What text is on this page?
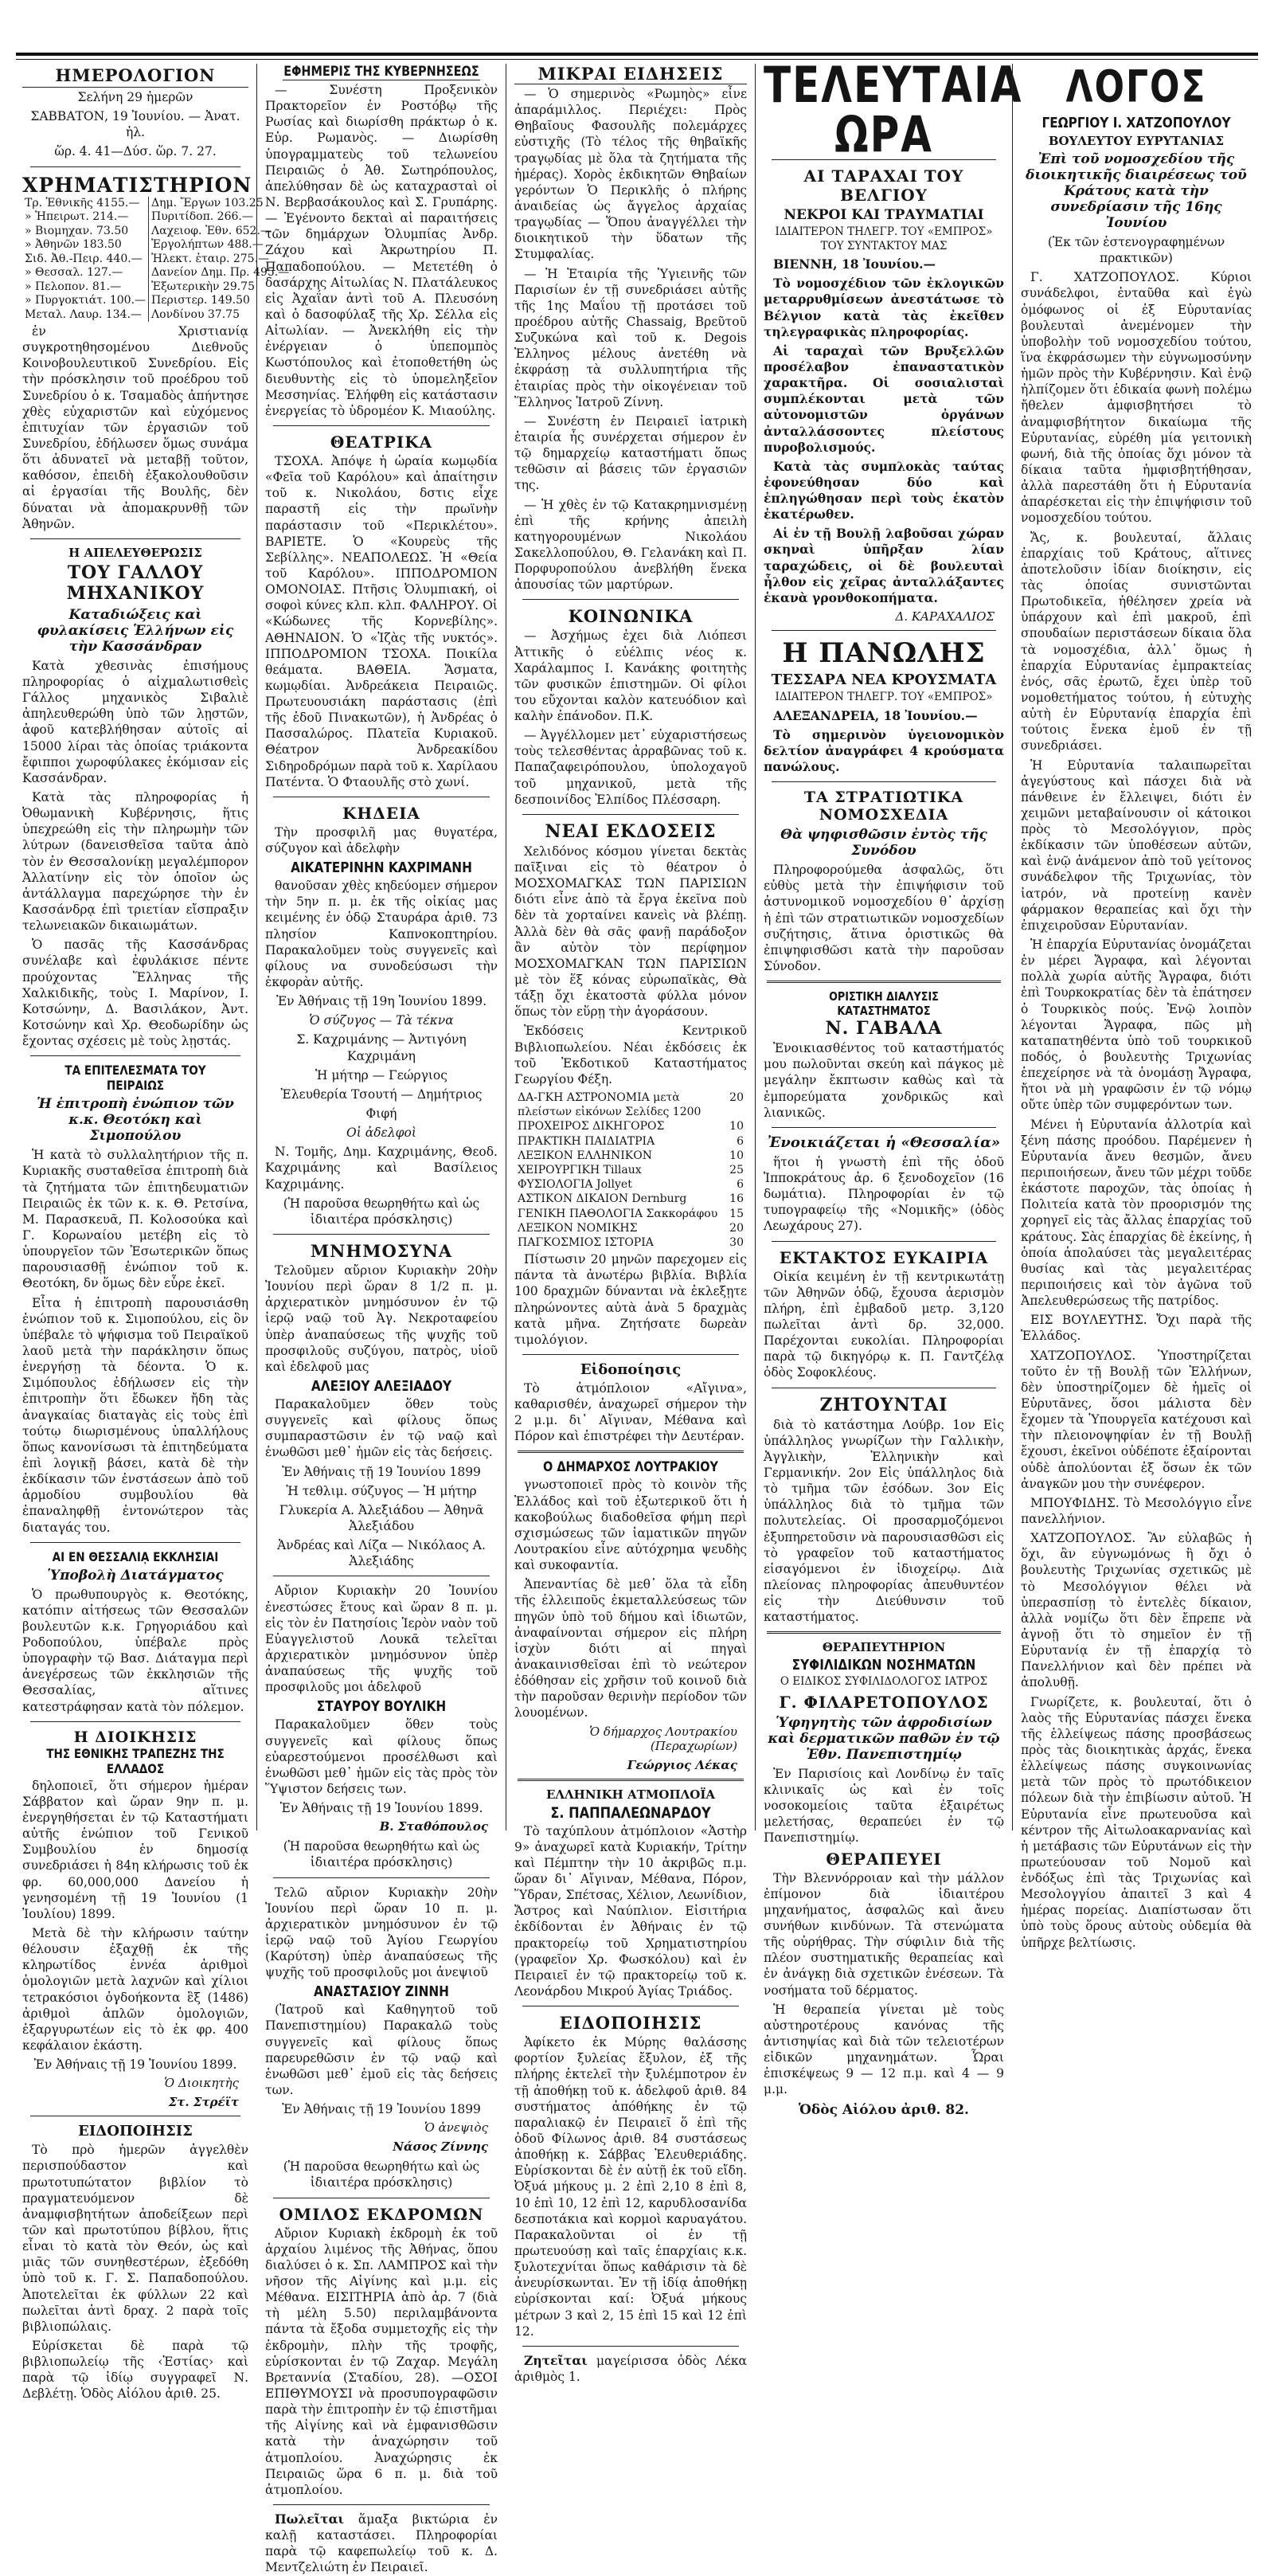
ΗΜΕΡΟΛΟΓΙΟΝ

Σελήνη 29 ἡμερῶν

ΣΑΒΒΑΤΟΝ, 19 Ἰουνίου. — Ἀνατ. ἡλ.

ὥρ. 4. 41—Δύσ. ὥρ. 7. 27.

ΧΡΗΜΑΤΙΣΤΗΡΙΟΝ
Τρ. Ἐθνικῆς 4155.—	Δημ. Ἔργων 103.25
» Ἠπειρωτ. 214.—	Πυριτίδοπ. 266.—
» Βιομηχαν. 73.50	Λαχειοφ. Ἐθν. 652.—
» Ἀθηνῶν 183.50	Ἐργολήπτων 488.—
Σιδ. Ἀθ.-Πειρ. 440.—	Ἠλεκτ. ἐταιρ. 275.—
» Θεσσαλ. 127.—	Δανείον Δημ. Πρ. 495.—
» Πελοπον. 81.—	Ἐξωτερικὴν 29.75
» Πυργοκτιάτ. 100.—	Περιστερ. 149.50
Μεταλ. Λαυρ. 134.—	Λονδίνου 37.75

ἐν Χριστιανίᾳ συγκροτηθησομένου Διεθνοῦς Κοινοβουλευτικοῦ Συνεδρίου. Εἰς τὴν πρόσκλησιν τοῦ προέδρου τοῦ Συνεδρίου ὁ κ. Τσαμαδὸς ἀπήντησε χθὲς εὐχαριστῶν καὶ εὐχόμενος ἐπιτυχίαν τῶν ἐργασιῶν τοῦ Συνεδρίου, ἐδήλωσεν ὅμως συνάμα ὅτι ἀδυνατεῖ νὰ μεταβῇ τοῦτον, καθόσον, ἐπειδὴ ἐξακολουθοῦσιν αἱ ἐργασίαι τῆς Βουλῆς, δὲν δύναται νὰ ἀπομακρυνθῇ τῶν Ἀθηνῶν.

Η ΑΠΕΛΕΥΘΕΡΩΣΙΣ
ΤΟΥ ΓΑΛΛΟΥ ΜΗΧΑΝΙΚΟΥ
Καταδιώξεις καὶ φυλακίσεις Ἑλλήνων εἰς τὴν Κασσάνδραν

Κατὰ χθεσινὰς ἐπισήμους πληροφορίας ὁ αἰχμαλωτισθεὶς Γάλλος μηχανικὸς Σιβαλιὲ ἀπηλευθερώθη ὑπὸ τῶν λῃστῶν, ἀφοῦ κατεβλήθησαν αὐτοῖς αἱ 15000 λίραι τὰς ὁποίας τριάκοντα ἔφιπποι χωροφύλακες ἐκόμισαν εἰς Κασσάνδραν.

Κατὰ τὰς πληροφορίας ἡ Ὀθωμανικὴ Κυβέρνησις, ἥτις ὑπεχρεώθη εἰς τὴν πληρωμὴν τῶν λύτρων (δανεισθεῖσα ταῦτα ἀπὸ τὸν ἐν Θεσσαλονίκῃ μεγαλέμπορον Ἀλλατίνην εἰς τὸν ὁποῖον ὡς ἀντάλλαγμα παρεχώρησε τὴν ἐν Κασσάνδρᾳ ἐπὶ τριετίαν εἴσπραξιν τελωνειακῶν δικαιωμάτων.

Ὁ πασᾶς τῆς Κασσάνδρας συνέλαβε καὶ ἐφυλάκισε πέντε προύχοντας Ἕλληνας τῆς Χαλκιδικῆς, τοὺς Ι. Μαρίνον, Ι. Κοτσώνην, Δ. Βασιλάκον, Ἀντ. Κοτσώνην καὶ Χρ. Θεοδωρίδην ὡς ἔχοντας σχέσεις μὲ τοὺς λῃστάς.

ΤΑ ΕΠΙΤΕΛΕΣΜΑΤΑ ΤΟΥ ΠΕΙΡΑΙΩΣ
Ἡ ἐπιτροπὴ ἐνώπιον τῶν κ.κ. Θεοτόκη καὶ Σιμοπούλου

Ἡ κατὰ τὸ συλλαλητήριον τῆς π. Κυριακῆς συσταθεῖσα ἐπιτροπὴ διὰ τὰ ζητήματα τῶν ἐπιτηδευματιῶν Πειραιῶς ἐκ τῶν κ. κ. Θ. Ρετσίνα, Μ. Παρασκευᾶ, Π. Κολοσούκα καὶ Γ. Κορωναίου μετέβη εἰς τὸ ὑπουργεῖον τῶν Ἐσωτερικῶν ὅπως παρουσιασθῇ ἐνώπιον τοῦ κ. Θεοτόκη, δν ὅμως δὲν εὗρε ἐκεῖ.

Εἶτα ἡ ἐπιτροπὴ παρουσιάσθη ἐνώπιον τοῦ κ. Σιμοπούλου, εἰς ὃν ὑπέβαλε τὸ ψήφισμα τοῦ Πειραϊκοῦ λαοῦ μετὰ τὴν παράκλησιν ὅπως ἐνεργήσῃ τὰ δέοντα. Ὁ κ. Σιμόπουλος ἐδήλωσεν εἰς τὴν ἐπιτροπὴν ὅτι ἔδωκεν ἤδη τὰς ἀναγκαίας διαταγὰς εἰς τοὺς ἐπὶ τούτῳ διωρισμένους ὑπαλλήλους ὅπως κανονίσωσι τὰ ἐπιτηδεύματα ἐπὶ λογικῇ βάσει, κατὰ δὲ τὴν ἐκδίκασιν τῶν ἐνστάσεων ἀπὸ τοῦ ἁρμοδίου συμβουλίου θὰ ἐπαναληφθῇ ἐντονώτερον τὰς διαταγάς του.

ΑΙ ΕΝ ΘΕΣΣΑΛΙᾼ ΕΚΚΛΗΣΙΑΙ
Ὑποβολὴ Διατάγματος

Ὁ πρωθυπουργὸς κ. Θεοτόκης, κατόπιν αἰτήσεως τῶν Θεσσαλῶν βουλευτῶν κ.κ. Γρηγοριάδου καὶ Ροδοπούλου, ὑπέβαλε πρὸς ὑπογραφὴν τῷ Βασ. Διάταγμα περὶ ἀνεγέρσεως τῶν ἐκκλησιῶν τῆς Θεσσαλίας, αἵτινες κατεστράφησαν κατὰ τὸν πόλεμον.

Η ΔΙΟΙΚΗΣΙΣ
ΤΗΣ ΕΘΝΙΚΗΣ ΤΡΑΠΕΖΗΣ ΤΗΣ ΕΛΛΑΔΟΣ

δηλοποιεῖ, ὅτι σήμερον ἡμέραν Σάββατον καὶ ὥραν 9ην π. μ. ἐνεργηθήσεται ἐν τῷ Καταστήματι αὐτῆς ἐνώπιον τοῦ Γενικοῦ Συμβουλίου ἐν δημοσίᾳ συνεδριάσει ἡ 84η κλήρωσις τοῦ ἐκ φρ. 60,000,000 Δανείου ἡ γενησομένη τῇ 19 Ἰουνίου (1 Ἰουλίου) 1899.

Μετὰ δὲ τὴν κλήρωσιν ταύτην θέλουσιν ἐξαχθῇ ἐκ τῆς κληρωτίδος ἐννέα ἀριθμοὶ ὁμολογιῶν μετὰ λαχνῶν καὶ χίλιοι τετρακόσιοι ὀγδοήκοντα ἓξ (1486) ἀριθμοὶ ἁπλῶν ὁμολογιῶν, ἐξαργυρωτέων εἰς τὸ ἐκ φρ. 400 κεφάλαιον ἑκάστη.

Ἐν Ἀθήναις τῇ 19 Ἰουνίου 1899.

Ὁ Διοικητὴς
Στ. Στρέϊτ
ΕΙΔΟΠΟΙΗΣΙΣ

Τὸ πρὸ ἡμερῶν ἀγγελθὲν περισπούδαστον καὶ πρωτοτυπώτατον βιβλίον τὸ πραγματευόμενον δὲ ἀναμφισβητήτων ἀποδείξεων περὶ τῶν καὶ πρωτοτύπου βίβλου, ἥτις εἶναι τὸ κατὰ τὸν Θεόν, ὡς καὶ μιᾶς τῶν συνηθεστέρων, ἐξεδόθη ὑπὸ τοῦ κ. Γ. Σ. Παπαδοπούλου. Ἀποτελεῖται ἐκ φύλλων 22 καὶ πωλεῖται ἀντὶ δραχ. 2 παρὰ τοῖς βιβλιοπώλαις.

Εὑρίσκεται δὲ παρὰ τῷ βιβλιοπωλείῳ τῆς ‹Ἑστίας› καὶ παρὰ τῷ ἰδίῳ συγγραφεῖ Ν. Δεβλέτῃ. Ὁδὸς Αἰόλου ἀριθ. 25.

ΕΦΗΜΕΡΙΣ ΤΗΣ ΚΥΒΕΡΝΗΣΕΩΣ

— Συνέστη Προξενικὸν Πρακτορεῖον ἐν Ροστόβῳ τῆς Ρωσίας καὶ διωρίσθη πράκτωρ ὁ κ. Εὐρ. Ρωμανὸς. — Διωρίσθη ὑπογραμματεὺς τοῦ τελωνείου Πειραιῶς ὁ Ἀθ. Σωτηρόπουλος, ἀπελύθησαν δὲ ὡς καταχρασταὶ οἱ Ν. Βερβασάκουλος καὶ Σ. Γρυπάρης. — Ἐγένοντο δεκταὶ αἱ παραιτήσεις τῶν δημάρχων Ὀλυμπίας Ἀνδρ. Ζάχου καὶ Ἀκρωτηρίου Π. Παπαδοπούλου. — Μετετέθη ὁ δασάρχης Αἰτωλίας Ν. Πλατάλευκος εἰς Ἀχαΐαν ἀντὶ τοῦ Α. Πλευσόνη καὶ ὁ δασοφύλαξ τῆς Χρ. Σέλλα εἰς Αἰτωλίαν. — Ἀνεκλήθη εἰς τὴν ἐνέργειαν ὁ ὑπεπομπὸς Κωστόπουλος καὶ ἐτοποθετήθη ὡς διευθυντὴς εἰς τὸ ὑπομεληξεῖον Μεσσηνίας. Ἐλήφθη εἰς κατάστασιν ἐνεργείας τὸ ὑδρομέον Κ. Μιαούλης.

ΘΕΑΤΡΙΚΑ

ΤΣΟΧΑ. Ἀπόψε ἡ ὡραία κωμῳδία «Φεῖα τοῦ Καρόλου» καὶ ἀπαίτησιν τοῦ κ. Νικολάου, δστις εἶχε παραστῆ εἰς τὴν πρωϊνὴν παράστασιν τοῦ «Περικλέτου». ΒΑΡΙΕΤΕ. Ὁ «Κουρεὺς τῆς Σεβίλλης». ΝΕΑΠΟΛΕΩΣ. Ἡ «Θεία τοῦ Καρόλου». ΙΠΠΟΔΡΟΜΙΟΝ ΟΜΟΝΟΙΑΣ. Πτῆσις Ὀλυμπιακή, οἱ σοφοὶ κύνες κλπ. κλπ. ΦΑΛΗΡΟΥ. Οἱ «Κώδωνες τῆς Κορνεβίλης». ΑΘΗΝΑΙΟΝ. Ὁ «Ἰζὰς τῆς νυκτός». ΙΠΠΟΔΡΟΜΙΟΝ ΤΣΟΧΑ. Ποικίλα θεάματα. ΒΑΘΕΙΑ. Ἄσματα, κωμῳδίαι. Ἀνδρεάκεια Πειραιῶς. Πρωτευουσιάκη παράστασις (ἐπὶ τῆς ἐδοῦ Πινακωτῶν), ἡ Ἀνδρέας ὁ Πασσαλώρος. Πλατεῖα Κυριακοῦ. Θέατρον Ἀνδρεακίδου Σιδηροδρόμων παρὰ τοῦ κ. Χαρίλαου Πατέντα. Ὁ Φταουλῆς στὸ χωνί.

ΚΗΔΕΙΑ

Τὴν προσφιλῆ μας θυγατέρα, σύζυγον καὶ ἀδελφὴν

ΑΙΚΑΤΕΡΙΝΗΝ ΚΑΧΡΙΜΑΝΗ

θανοῦσαν χθὲς κηδεύομεν σήμερον τὴν 5ην π. μ. ἐκ τῆς οἰκίας μας κειμένης ἐν ὁδῷ Σταυράρα ἀριθ. 73 πλησίον Καπνοκοπτηρίου. Παρακαλοῦμεν τοὺς συγγενεῖς καὶ φίλους να συνοδεύσωσι τὴν ἐκφορὰν αὐτῆς.

Ἐν Ἀθήναις τῇ 19η Ἰουνίου 1899.

Ὁ σύζυγος — Τὰ τέκνα

Σ. Καχριμάνης — Ἀντιγόνη Καχριμάνη

Ἡ μήτηρ — Γεώργιος

Ἐλευθερία Τσουτή — Δημήτριος

Φιφή

Οἱ ἀδελφοὶ

Ν. Τομῆς, Δημ. Καχριμάνης, Θεοδ. Καχριμάνης καὶ Βασίλειος Καχριμάνης.

(Ἡ παροῦσα θεωρηθήτω καὶ ὡς ἰδιαιτέρα πρόσκλησις)

ΜΝΗΜΟΣΥΝΑ

Τελοῦμεν αὔριον Κυριακὴν 20ὴν Ἰουνίου περὶ ὥραν 8 1/2 π. μ. ἀρχιερατικὸν μνημόσυνον ἐν τῷ ἱερῷ ναῷ τοῦ Ἀγ. Νεκροταφείου ὑπὲρ ἀναπαύσεως τῆς ψυχῆς τοῦ προσφιλοῦς συζύγου, πατρὸς, υἱοῦ καὶ ἐδελφοῦ μας

ΑΛΕΞΙΟΥ ΑΛΕΞΙΑΔΟΥ

Παρακαλοῦμεν ὅθεν τοὺς συγγενεῖς καὶ φίλους ὅπως συμπαραστῶσιν ἐν τῷ ναῷ καὶ ἐνωθῶσι μεθ᾽ ἡμῶν εἰς τὰς δεήσεις.

Ἐν Ἀθήναις τῇ 19 Ἰουνίου 1899

Ἡ τεθλιμ. σύζυγος — Ἡ μήτηρ

Γλυκερία Α. Ἀλεξιάδου — Ἀθηνᾶ Ἀλεξιάδου

Ἀνδρέας καὶ Λίζα — Νικόλαος Α. Ἀλεξιάδης

Αὔριον Κυριακὴν 20 Ἰουνίου ἐνεστώσες ἔτους καὶ ὥραν 8 π. μ. εἰς τὸν ἐν Πατησίοις Ἱερὸν ναὸν τοῦ Εὐαγγελιστοῦ Λουκᾶ τελεῖται ἀρχιερατικὸν μνημόσυνον ὑπὲρ ἀναπαύσεως τῆς ψυχῆς τοῦ προσφιλοῦς μοι ἀδελφοῦ

ΣΤΑΥΡΟΥ ΒΟΥΛΙΚΗ

Παρακαλοῦμεν ὅθεν τοὺς συγγενεῖς καὶ φίλους ὅπως εὐαρεστούμενοι προσέλθωσι καὶ ἐνωθῶσι μεθ᾽ ἡμῶν εἰς τὰς πρὸς τὸν Ὕψιστον δεήσεις των.

Ἐν Ἀθήναις τῇ 19 Ἰουνίου 1899.

Β. Σταθόπουλος

(Ἡ παροῦσα θεωρηθήτω καὶ ὡς ἰδιαιτέρα πρόσκλησις)

Τελῶ αὔριον Κυριακὴν 20ὴν Ἰουνίου περὶ ὥραν 10 π. μ. ἀρχιερατικὸν μνημόσυνον ἐν τῷ ἱερῷ ναῷ τοῦ Ἁγίου Γεωργίου (Καρύτση) ὑπὲρ ἀναπαύσεως τῆς ψυχῆς τοῦ προσφιλοῦς μοι ἀνεψιοῦ

ΑΝΑΣΤΑΣΙΟΥ ΖΙΝΝΗ

(Ἰατροῦ καὶ Καθηγητοῦ τοῦ Πανεπιστημίου) Παρακαλῶ τοὺς συγγενεῖς καὶ φίλους ὅπως παρευρεθῶσιν ἐν τῷ ναῷ καὶ ἑνωθῶσι μεθ᾽ ἐμοῦ εἰς τὰς δεήσεις των.

Ἐν Ἀθήναις τῇ 19 Ἰουνίου 1899

Ὁ ἀνεψιὸς
Νάσος Ζίννης

(Ἡ παροῦσα θεωρηθήτω καὶ ὡς ἰδιαιτέρα πρόσκλησις)

ΟΜΙΛΟΣ ΕΚΔΡΟΜΩΝ

Αὔριον Κυριακὴ ἐκδρομὴ ἐκ τοῦ ἀρχαίου λιμένος τῆς Ἀθήνας, ὅπου διαλύσει ὁ κ. Σπ. ΛΑΜΠΡΟΣ καὶ τὴν νῆσον τῆς Αἰγίνης καὶ μ.μ. εἰς Μέθανα. ΕΙΣΙΤΗΡΙΑ ἀπὸ ἀρ. 7 (διὰ τὴ μέλη 5.50) περιλαμβάνοντα πάντα τὰ ἔξοδα συμμετοχῆς εἰς τὴν ἐκδρομὴν, πλὴν τῆς τροφῆς, εὑρίσκονται ἐν τῷ Ζαχαρ. Μεγάλη Βρεταννία (Σταδίου, 28). —ΟΣΟΙ ΕΠΙΘΥΜΟΥΣΙ νὰ προσυπογραφῶσιν παρὰ τὴν ἐπιτροπὴν ἐν τῷ ἐπιστῆμαι τῆς Αἰγίνης καὶ νὰ ἐμφανισθῶσιν κατὰ τὴν ἀναχώρησιν τοῦ ἀτμοπλοίου. Ἀναχώρησις ἐκ Πειραιῶς ὥρα 6 π. μ. διὰ τοῦ ἀτμοπλοίου.

Πωλεῖται ἅμαξα βικτώρια ἐν καλῇ καταστάσει. Πληροφορίαι παρὰ τῷ καφεπωλείῳ τοῦ κ. Δ. Μεντζελιώτη ἐν Πειραιεῖ.

ΜΙΚΡΑΙ ΕΙΔΗΣΕΙΣ

— Ὁ σημερινὸς «Ρωμηὸς» εἶνε ἀπαράμιλλος. Περιέχει: Πρὸς Θηβαῖους Φασουλῆς πολεμάρχες εὐστιχῆς (Τὸ τέλος τῆς θηβαϊκῆς τραγῳδίας μὲ ὅλα τὰ ζητήματα τῆς ἡμέρας). Χορὸς ἐκδικητῶν Θηβαίων γερόντων Ὁ Περικλῆς ὁ πλήρης ἀναιδείας ὡς ἄγγελος ἀρχαίας τραγῳδίας — Ὅπου ἀναγγέλλει τὴν διοικητικοῦ τὴν ὕδατων τῆς Στυμφαλίας.

— Ἡ Ἑταιρία τῆς Ὑγιεινῆς τῶν Παρισίων ἐν τῇ συνεδριάσει αὐτῆς τῆς 1ης Μαΐου τῇ προτάσει τοῦ προέδρου αὐτῆς Chassaig, Βρεῦτοῦ Συζυκώνα καὶ τοῦ κ. Degois Ἑλληνος μέλους ἀνετέθη νὰ ἐκφράσῃ τὰ συλλυπητήρια τῆς ἐταιρίας πρὸς τὴν οἰκογένειαν τοῦ Ἕλληνος Ἰατροῦ Ζίννη.

— Συνέστη ἐν Πειραιεῖ ἰατρικὴ ἑταιρία ἧς συνέρχεται σήμερον ἐν τῷ δημαρχείῳ καταστήματι ὅπως τεθῶσιν αἱ βάσεις τῶν ἐργασιῶν της.

— Ἡ χθὲς ἐν τῷ Κατακρημνισμένῃ ἐπὶ τῆς κρήνης ἀπειλὴ κατηγορουμένων Νικολάου Σακελλοπούλου, Θ. Γελανάκη καὶ Π. Πορφυροπούλου ἀνεβλήθη ἕνεκα ἀπουσίας τῶν μαρτύρων.

ΚΟΙΝΩΝΙΚΑ

— Ἀσχήμως ἐχει διὰ Λιόπεσι Ἀττικῆς ὁ εὐέλπις νέος κ. Χαράλαμπος Ι. Κανάκης φοιτητὴς τῶν φυσικῶν ἐπιστημῶν. Οἱ φίλοι του εὔχονται καλὸν κατευόδιον καὶ καλὴν ἐπάνοδον. Π.Κ.

— Ἀγγέλλομεν μετ᾽ εὐχαριστήσεως τοὺς τελεσθέντας ἀρραβῶνας τοῦ κ. Παπαζαφειρόπουλου, ὑπολοχαγοῦ τοῦ μηχανικοῦ, μετὰ τῆς δεσποινίδος Ἐλπίδος Πλέσσαρη.

ΝΕΑΙ ΕΚΔΟΣΕΙΣ

Χελιδόνος κόσμου γίνεται δεκτὰς παῖξιναι εἰς τὸ θέατρον ὁ ΜΟΣΧΟΜΑΓΚΑΣ ΤΩΝ ΠΑΡΙΣΙΩΝ διότι εἶνε ἀπὸ τὰ ἔργα ἐκεῖνα ποὺ δὲν τὰ χορταίνει κανεὶς νὰ βλέπῃ. Ἀλλὰ δὲν θὰ σᾶς φανῇ παράδοξον ἂν αὐτὸν τὸν περίφημον ΜΟΣΧΟΜΑΓΚΑΝ ΤΩΝ ΠΑΡΙΣΙΩΝ μὲ τὸν ἕξ κόνας εὐρωπαϊκὰς, Θὰ τάξῃ ὄχι ἑκατοστὰ φύλλα μόνον ὅπως τὸν εὕρῃ τὴν ἀγοράσουν.

Ἐκδόσεις Κεντρικοῦ Βιβλιοπωλείου. Νέαι ἐκδόσεις ἐκ τοῦ Ἐκδοτικοῦ Καταστήματος Γεωργίου Φέξη.

ΔΑ-ΓΚΗ ΑΣΤΡΟΝΟΜΙΑ μετὰ πλείστων εἰκόνων Σελίδες 1200
20
ΠΡΟΧΕΙΡΟΣ ΔΙΚΗΓΟΡΟΣ	10
ΠΡΑΚΤΙΚΗ ΠΑΙΔΙΑΤΡΙΑ	6
ΛΕΞΙΚΟΝ ΕΛΛΗΝΙΚΟΝ	10
ΧΕΙΡΟΥΡΓΙΚΗ Tillaux	25
ΦΥΣΙΟΛΟΓΙΑ Jollyet	6
ΑΣΤΙΚΟΝ ΔΙΚΑΙΟΝ Dernburg	16
ΓΕΝΙΚΗ ΠΑΘΟΛΟΓΙΑ Σακκοράφου 15
ΛΕΞΙΚΟΝ ΝΟΜΙΚΗΣ	20
ΠΑΓΚΟΣΜΙΟΣ ΙΣΤΟΡΙΑ	30

Πίστωσιν 20 μηνῶν παρεχομεν εἰς πάντα τὰ ἀνωτέρω βιβλία. Βιβλία 100 δραχμῶν δύνανται νὰ ἐκλεξῃτε πληρώνοντες αὐτὰ ἀνὰ 5 δραχμὰς κατὰ μῆνα. Ζητήσατε δωρεὰν τιμολόγιον.

Εἰδοποίησις

Τὸ ἀτμόπλοιον «Αἴγινα», καθαρισθέν, ἀναχωρεῖ σήμερον τὴν 2 μ.μ. δι᾽ Αἴγιναν, Μέθανα καὶ Πόρον καὶ ἐπιστρέφει τὴν Δευτέραν.

Ο ΔΗΜΑΡΧΟΣ ΛΟΥΤΡΑΚΙΟΥ

γνωστοποιεῖ πρὸς τὸ κοινὸν τῆς Ἑλλάδος καὶ τοῦ ἐξωτερικοῦ ὅτι ἡ κακοβούλως διαδοθεῖσα φήμη περὶ σχισμώσεως τῶν ἰαματικῶν πηγῶν Λουτρακίου εἶνε αὐτόχρημα ψευδὴς καὶ συκοφαντία.

Ἀπεναντίας δὲ μεθ᾽ ὅλα τὰ εἶδη τῆς ἐλλειποῦς ἐκμεταλλεύσεως τῶν πηγῶν ὑπὸ τοῦ δήμου καὶ ἰδιωτῶν, ἀναφαίνονται σήμερον εἰς πλήρη ἰσχὺν διότι αἱ πηγαὶ ἀνακαινισθεῖσαι ἐπὶ τὸ νεώτερον ἐδόθησαν εἰς χρῆσιν τοῦ κοινοῦ διὰ τὴν παροῦσαν θερινὴν περίοδον τῶν λουομένων.

Ὁ δήμαρχος Λουτρακίου (Περαχωρίων)
Γεώργιος Λέκας
ΕΛΛΗΝΙΚΗ ΑΤΜΟΠΛΟΪΑ
Σ. ΠΑΠΠΑΛΕΩΝΑΡΔΟΥ

Τὸ ταχύπλουν ἀτμόπλοιον «Ἀστὴρ 9» ἀναχωρεῖ κατὰ Κυριακήν, Τρίτην καὶ Πέμπτην τὴν 10 ἀκριβῶς π.μ. ὥραν δι᾽ Αἴγιναν, Μέθανα, Πόρον, Ὕδραν, Σπέτσας, Χέλιον, Λεωνίδιον, Ἄστρος καὶ Ναύπλιον. Εἰσιτήρια ἐκδίδονται ἐν Ἀθήναις ἐν τῷ πρακτορείῳ τοῦ Χρηματιστηρίου (γραφεῖον Χρ. Φωσκόλου) καὶ ἐν Πειραιεῖ ἐν τῷ πρακτορείῳ τοῦ κ. Λεονάρδου Μικρού Ἀγίας Τριάδος.

ΕΙΔΟΠΟΙΗΣΙΣ

Ἀφίκετο ἐκ Μύρης θαλάσσης φορτίον ξυλείας ἔξυλον, ἐξ τῆς πλήρης ἐκτελεῖ τὴν ξυλέμποτρον ἐν τῇ ἀποθήκῃ τοῦ κ. ἀδελφοῦ ἀριθ. 84 συστήματος ἀπόθήκης ἐν τῷ παραλιακῷ ἐν Πειραιεῖ ὅ ἐπὶ τῆς ὁδοῦ Φίλωνος ἀριθ. 84 συστάσεως ἀποθήκῃ κ. Σάββας Ἐλευθεριάδης. Εὑρίσκονται δὲ ἐν αὐτῇ ἐκ τοῦ εἴδη. Ὀξυά μήκους μ. 2 ἐπὶ 2,10 8 ἐπὶ 8, 10 ἐπὶ 10, 12 ἐπὶ 12, καρυδλοσανίδα δεσποτάκια καὶ κορμοὶ καρυαγάτου. Παρακαλοῦνται οἱ ἐν τῇ πρωτευούσῃ καὶ ταῖς ἐπαρχίαις κ.κ. ξυλοτεχνίται ὅπως καθάρισιν τὰ δὲ ἀνευρίσκωνται. Ἐν τῇ ἰδίᾳ ἀποθήκῃ εὑρίσκονται καί: Ὀξυά μήκους μέτρων 3 καὶ 2, 15 ἐπὶ 15 καὶ 12 ἐπὶ 12.

Ζητεῖται μαγείρισσα ὁδὸς Λέκα ἀριθμὸς 1.

ΤΕΛΕΥΤΑΙΑ ΩΡΑ
ΑΙ ΤΑΡΑΧΑΙ ΤΟΥ ΒΕΛΓΙΟΥ
ΝΕΚΡΟΙ ΚΑΙ ΤΡΑΥΜΑΤΙΑΙ

ΙΔΙΑΙΤΕΡΟΝ ΤΗΛΕΓΡ. ΤΟΥ «ΕΜΠΡΟΣ» ΤΟΥ ΣΥΝΤΑΚΤΟΥ ΜΑΣ

ΒΙΕΝΝΗ, 18 Ἰουνίου.—

Τὸ νομοσχέδιον τῶν ἐκλογικῶν μεταρρυθμίσεων ἀνεστάτωσε τὸ Βέλγιον κατὰ τὰς ἐκεῖθεν τηλεγραφικὰς πληροφορίας.

Αἱ ταραχαὶ τῶν Βρυξελλῶν προσέλαβον ἐπαναστατικὸν χαρακτῆρα. Οἱ σοσιαλισταὶ συμπλέκονται μετὰ τῶν αὐτονομιστῶν ὀργάνων ἀνταλλάσσοντες πλείστους πυροβολισμούς.

Κατὰ τὰς συμπλοκὰς ταύτας ἐφονεύθησαν δύο καὶ ἐπληγώθησαν περὶ τοὺς ἑκατὸν ἐκατέρωθεν.

Αἱ ἐν τῇ Βουλῇ λαβοῦσαι χώραν σκηναὶ ὑπῆρξαν λίαν ταραχώδεις, οἱ δὲ βουλευταὶ ἦλθον εἰς χεῖρας ἀνταλλάξαντες ἑκανὰ γρονθοκοπήματα.

Δ. ΚΑΡΑΧΑΛΙΟΣ
Η ΠΑΝΩΛΗΣ
ΤΕΣΣΑΡΑ ΝΕΑ ΚΡΟΥΣΜΑΤΑ

ΙΔΙΑΙΤΕΡΟΝ ΤΗΛΕΓΡ. ΤΟΥ «ΕΜΠΡΟΣ»

ΑΛΕΞΑΝΔΡΕΙΑ, 18 Ἰουνίου.—

Τὸ σημερινὸν ὑγειονομικὸν δελτίον ἀναγράφει 4 κρούσματα πανώλους.

ΤΑ ΣΤΡΑΤΙΩΤΙΚΑ ΝΟΜΟΣΧΕΔΙΑ
Θὰ ψηφισθῶσιν ἐντὸς τῆς Συνόδου

Πληροφορούμεθα ἀσφαλῶς, ὅτι εὐθὺς μετὰ τὴν ἐπιψήφισιν τοῦ ἀστυνομικοῦ νομοσχεδίου θ᾽ ἀρχίσῃ ἡ ἐπὶ τῶν στρατιωτικῶν νομοσχεδίων συζήτησις, ἅτινα ὁριστικῶς θὰ ἐπιψηφισθῶσι κατὰ τὴν παροῦσαν Σύνοδον.

ΟΡΙΣΤΙΚΗ ΔΙΑΛΥΣΙΣ ΚΑΤΑΣΤΗΜΑΤΟΣ
Ν. ΓΑΒΑΛΑ

Ἐνοικιασθέντος τοῦ καταστήματός μου πωλοῦνται σκεύη καὶ πάγκος μὲ μεγάλην ἔκπτωσιν καθὼς καὶ τὰ ἐμπορεύματα χονδρικῶς καὶ λιανικῶς.

Ἐνοικιάζεται ἡ «Θεσσαλία»

ἥτοι ἡ γνωστὴ ἐπὶ τῆς ὁδοῦ Ἱπποκράτους ἀρ. 6 ξενοδοχεῖον (16 δωμάτια). Πληροφορίαι ἐν τῷ τυπογραφείῳ τῆς «Νομικῆς» (ὁδὸς Λεωχάρους 27).

ΕΚΤΑΚΤΟΣ ΕΥΚΑΙΡΙΑ

Οἰκία κειμένη ἐν τῇ κεντρικωτάτῃ τῶν Ἀθηνῶν ὁδῷ, ἔχουσα ἀερισμὸν πλήρη, ἐπὶ ἐμβαδοῦ μετρ. 3,120 πωλεῖται ἀντὶ δρ. 32,000. Παρέχονται ευκολίαι. Πληροφορίαι παρὰ τῷ δικηγόρῳ κ. Π. Γαντζέλᾳ ὁδὸς Σοφοκλέους.

ΖΗΤΟΥΝΤΑΙ

διὰ τὸ κατάστημα Λούβρ. 1ον Εἰς ὑπάλληλος γνωρίζων τὴν Γαλλικὴν, Ἀγγλικὴν, Ἑλληνικὴν καὶ Γερμανικήν. 2ον Εἰς ὑπάλληλος διὰ τὸ τμῆμα τῶν ἐσόδων. 3ον Εἰς ὑπάλληλος διὰ τὸ τμῆμα τῶν πολυτελείας. Οἱ προσαρμοζόμενοι ἐξυπηρετοῦσιν νὰ παρουσιασθῶσι εἰς τὸ γραφεῖον τοῦ καταστήματος εἰσαγόμενοι ἐν ἰδιοχείρῳ. Διὰ πλείονας πληροφορίας ἀπευθυντέον εἰς τὴν Διεύθυνσιν τοῦ καταστήματος.

ΘΕΡΑΠΕΥΤΗΡΙΟΝ
ΣΥΦΙΛΙΔΙΚΩΝ ΝΟΣΗΜΑΤΩΝ

Ο ΕΙΔΙΚΟΣ ΣΥΦΙΛΙΔΟΛΟΓΟΣ ΙΑΤΡΟΣ

Γ. ΦΙΛΑΡΕΤΟΠΟΥΛΟΣ
Ὑφηγητὴς τῶν ἀφροδισίων καὶ δερματικῶν παθῶν ἐν τῷ Ἐθν. Πανεπιστημίῳ

Ἐν Παρισίοις καὶ Λονδίνῳ ἐν ταῖς κλινικαῖς ὡς καὶ ἐν τοῖς νοσοκομείοις ταῦτα ἐξαιρέτως μελετήσας, θεραπεύει ἐν τῷ Πανεπιστημίῳ.

ΘΕΡΑΠΕΥΕΙ

Τὴν Βλεννόρροιαν καὶ τὴν μάλλον ἐπίμονον διὰ ἰδιαιτέρου μηχανήματος, ἀσφαλῶς καὶ ἄνευ συνήθων κινδύνων. Τὰ στενώματα τῆς οὐρήθρας. Τὴν σύφιλιν διὰ τῆς πλέον συστηματικῆς θεραπείας καὶ ἐν ἀνάγκῃ διὰ σχετικῶν ἐνέσεων. Τὰ νοσήματα τοῦ δέρματος.

Ἡ θεραπεία γίνεται μὲ τοὺς αὐστηροτέρους κανόνας τῆς ἀντισηψίας καὶ διὰ τῶν τελειοτέρων εἰδικῶν μηχανημάτων. Ὧραι ἐπισκέψεως 9 — 12 π.μ. καὶ 4 — 9 μ.μ.

Ὁδὸς Αἰόλου ἀριθ. 82.

ΛΟΓΟΣ
ΓΕΩΡΓΙΟΥ Ι. ΧΑΤΖΟΠΟΥΛΟΥ
ΒΟΥΛΕΥΤΟΥ ΕΥΡΥΤΑΝΙΑΣ
Ἐπὶ τοῦ νομοσχεδίου τῆς διοικητικῆς διαιρέσεως τοῦ Κράτους κατὰ τὴν συνεδρίασιν τῆς 16ης Ἰουνίου

(Ἐκ τῶν ἐστενογραφημένων πρακτικῶν)

Γ. ΧΑΤΖΟΠΟΥΛΟΣ. Κύριοι συνάδελφοι, ἐνταῦθα καὶ ἐγὼ ὁμόφωνος οἱ ἐξ Εὐρυτανίας βουλευταὶ ἀνεμένομεν τὴν ὑποβολὴν τοῦ νομοσχεδίου τούτου, ἵνα ἐκφράσωμεν τὴν εὐγνωμοσύνην ἡμῶν πρὸς τὴν Κυβέρνησιν. Καὶ ἐνῷ ἠλπίζομεν ὅτι ἐδικαία φωνὴ πολέμω ἤθελεν ἀμφισβητήσει τὸ ἀναμφισβήτητον δικαίωμα τῆς Εὐρυτανίας, εὑρέθη μία γειτονικὴ φωνή, διὰ τῆς ὁποίας ὅχι μόνον τὰ δίκαια ταῦτα ἠμφισβητήθησαν, ἀλλὰ παρεστάθη ὅτι ἡ Εὐρυτανία ἀπαρέσκεται εἰς τὴν ἐπιψήφισιν τοῦ νομοσχεδίου τούτου.

Ἄς, κ. βουλευταί, ἄλλαις ἐπαρχίαις τοῦ Κράτους, αἵτινες ἀποτελοῦσιν ἰδίαν διοίκησιν, εἰς τὰς ὁποίας συνιστῶνται Πρωτοδικεῖα, ἠθέλησεν χρεία νὰ ὑπάρχουν καὶ ἐπὶ μακροῦ, ἐπὶ σπουδαίων περιστάσεων δίκαια ὅλα τὰ νομοσχέδια, ἀλλ᾽ ὅμως ἡ ἐπαρχία Εὐρυτανίας ἐμπρακτείας ἐνός, σᾶς ἐρωτῶ, ἔχει ὑπὲρ τοῦ νομοθετήματος τούτου, ἡ εὐτυχὴς αὐτὴ ἐν Εὐρυτανίᾳ ἐπαρχία ἐπὶ τούτοις ἔνεκα ἐμοῦ ἐν τῇ συνεδριάσει.

Ἡ Εὐρυτανία ταλαιπωρεῖται ἀγεγύστους καὶ πάσχει διὰ νὰ πάνθεινε ἐν ἔλλειψει, διότι ἐν χειμῶνι μεταβαίνουσιν οἱ κάτοικοι πρὸς τὸ Μεσολόγγιον, πρὸς ἐκδίκασιν τῶν ὑποθέσεων αὐτῶν, καὶ ἐνῷ ἀνάμενον ἀπὸ τοῦ γείτονος συνάδελφον τῆς Τριχωνίας, τὸν ἰατρόν, νὰ προτείνῃ κανὲν φάρμακον θεραπείας καὶ ὄχι τὴν ἐπιχειροῦσαν Εὐρυτανίαν.

Ἡ ἐπαρχία Εὐρυτανίας ὀνομάζεται ἐν μέρει Ἄγραφα, καὶ λέγονται πολλὰ χωρία αὐτῆς Ἄγραφα, διότι ἐπὶ Τουρκοκρατίας δὲν τὰ ἐπάτησεν ὁ Τουρκικὸς πούς. Ἐνῷ λοιπὸν λέγονται Ἄγραφα, πῶς μὴ καταπατηθέντα ὑπὸ τοῦ τουρκικοῦ ποδός, ὁ βουλευτὴς Τριχωνίας ἐπεχείρησε νὰ τὰ ὀνομάσῃ Ἄγραφα, ἤτοι νὰ μὴ γραφῶσιν ἐν τῷ νόμῳ οὔτε ὑπὲρ τῶν συμφερόντων των.

Μένει ἡ Εὐρυτανία ἀλλοτρία καὶ ξένη πάσης προόδου. Παρέμενεν ἡ Εὐρυτανία ἄνευ θεσμῶν, ἄνευ περιποιήσεων, ἄνευ τῶν μέχρι τοῦδε ἑκάστοτε παροχῶν, τὰς ὁποίας ἡ Πολιτεία κατὰ τὸν προορισμόν της χορηγεῖ εἰς τὰς ἄλλας ἐπαρχίας τοῦ κράτους. Σὰς ἐπαρχίας δὲ ἐκείνης, ἡ ὁποία ἀπολαύσει τὰς μεγαλειτέρας θυσίας καὶ τὰς μεγαλειτέρας περιποιήσεις καὶ τὸν ἀγῶνα τοῦ Ἀπελευθερώσεως τῆς πατρίδος.

ΕΙΣ ΒΟΥΛΕΥΤΗΣ. Ὄχι παρὰ τῆς Ἑλλάδος.

ΧΑΤΖΟΠΟΥΛΟΣ. Ὑποστηρίζεται τοῦτο ἐν τῇ Βουλῇ τῶν Ἑλλήνων, δὲν ὑποστηρίζομεν δὲ ἡμεῖς οἱ Εὐρυτᾶνες, ὅσοι μάλιστα δὲν ἔχομεν τὰ Ὑπουργεῖα κατέχουσι καὶ τὴν πλειονοψηφίαν ἐν τῇ Βουλῇ ἔχουσι, ἐκεῖνοι οὐδέποτε ἐξαίρονται οὐδὲ ἀπολύονται ἐξ ὅσων ἐκ τῶν ἀναγκῶν μου τὴν συνέφερον.

ΜΠΟΥΦΙΔΗΣ. Τὸ Μεσολόγγιο εἶνε πανελλήνιον.

ΧΑΤΖΟΠΟΥΛΟΣ. Ἂν εὐλαβῶς ἡ ὅχι, ἂν εὐγνωμόνως ἢ ὄχι ὁ βουλευτὴς Τριχωνίας σχετικῶς μὲ τὸ Μεσολόγγιον θέλει νὰ ὑπερασπίσῃ τὸ ἐντελὲς δίκαιον, ἀλλὰ νομίζω ὅτι δὲν ἔπρεπε νὰ ἀγνοῇ ὅτι τὸ σημεῖον ἐν τῇ Εὐρυτανίᾳ ἐν τῇ ἐπαρχίᾳ τὸ Πανελλήνιον καὶ δὲν πρέπει νὰ ἀπολυθῇ.

Γνωρίζετε, κ. βουλευταί, ὅτι ὁ λαὸς τῆς Εὐρυτανίας πάσχει ἕνεκα τῆς ἐλλείψεως πάσης προσβάσεως πρὸς τὰς διοικητικὰς ἀρχάς, ἕνεκα ἐλλείψεως πάσης συγκοινωνίας μετὰ τῶν πρὸς τὸ πρωτόδικειον πόλεων διὰ τὴν ἐπιβίωσιν αὐτοῦ. Ἡ Εὐρυτανία εἶνε πρωτευοῦσα καὶ κέντρον τῆς Αἰτωλοακαρνανίας καὶ ἡ μετάβασις τῶν Εὐρυτάνων εἰς τὴν πρωτεύουσαν τοῦ Νομοῦ καὶ ἐνδόξως ἐπὶ τὰς Τριχωνίας καὶ Μεσολογγίου ἀπαιτεῖ 3 καὶ 4 ἡμέρας πορείας. Διαπίστωσαν ὅτι ὑπὸ τοὺς ὅρους αὐτοὺς οὐδεμία θὰ ὑπῆρχε βελτίωσις.
